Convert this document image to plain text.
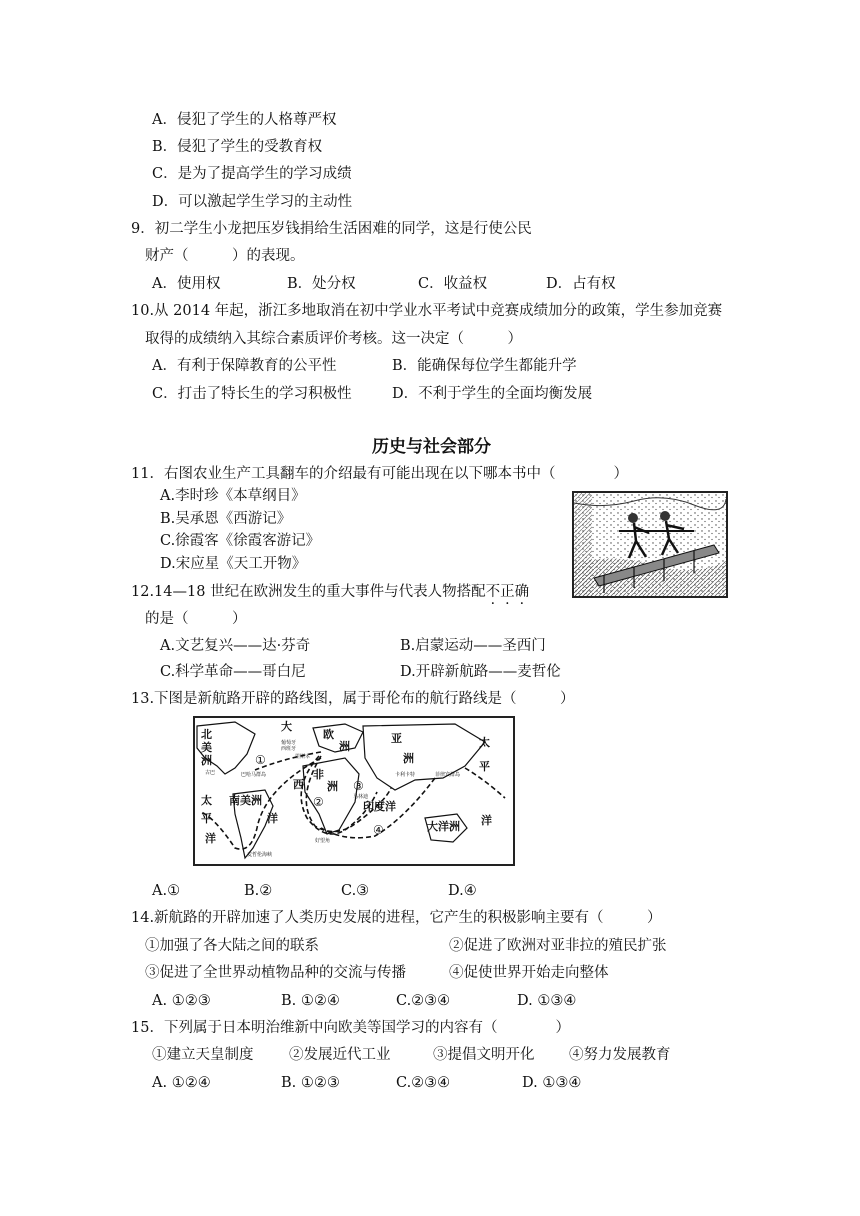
A．侵犯了学生的人格尊严权
B．侵犯了学生的受教育权
C．是为了提高学生的学习成绩
D．可以激起学生学习的主动性
9．初二学生小龙把压岁钱捐给生活困难的同学，这是行使公民
财产（　　　）的表现。
A．使用权	B．处分权	C．收益权	D．占有权
10.从 2014 年起，浙江多地取消在初中学业水平考试中竞赛成绩加分的政策，学生参加竞赛
取得的成绩纳入其综合素质评价考核。这一决定（　　　）
A．有利于保障教育的公平性	B．能确保每位学生都能升学
C．打击了特长生的学习积极性	D．不利于学生的全面均衡发展
历史与社会部分
11．右图农业生产工具翻车的介绍最有可能出现在以下哪本书中（　　　　）
A.李时珍《本草纲目》
B.吴承恩《西游记》
C.徐霞客《徐霞客游记》
D.宋应星《天工开物》
12.14—18 世纪在欧洲发生的重大事件与代表人物搭配不正确
的是（　　　）
A.文艺复兴——达·芬奇	B.启蒙运动——圣西门
C.科学革命——哥白尼	D.开辟新航路——麦哲伦
13.下图是新航路开辟的路线图，属于哥伦布的航行路线是（　　　）
北
美
洲
大
西
欧
洲
亚
洲
非
洲
太
平
洋
太
平
洋
南美洲
洋
印度洋
大洋洲
①
②
③
④
葡萄牙
西班牙
里斯本
古巴	巴哈马群岛	卡利卡特
马林迪
好望角
菲律宾群岛
麦哲伦海峡
A.①	B.②	C.③	D.④
14.新航路的开辟加速了人类历史发展的进程，它产生的积极影响主要有（　　　）
①加强了各大陆之间的联系	②促进了欧洲对亚非拉的殖民扩张
③促进了全世界动植物品种的交流与传播	④促使世界开始走向整体
A. ①②③	B. ①②④	C.②③④	D. ①③④
15．下列属于日本明治维新中向欧美等国学习的内容有（　　　　）
①建立天皇制度 ②发展近代工业	③提倡文明开化 ④努力发展教育
A. ①②④	B. ①②③	C.②③④	D. ①③④
